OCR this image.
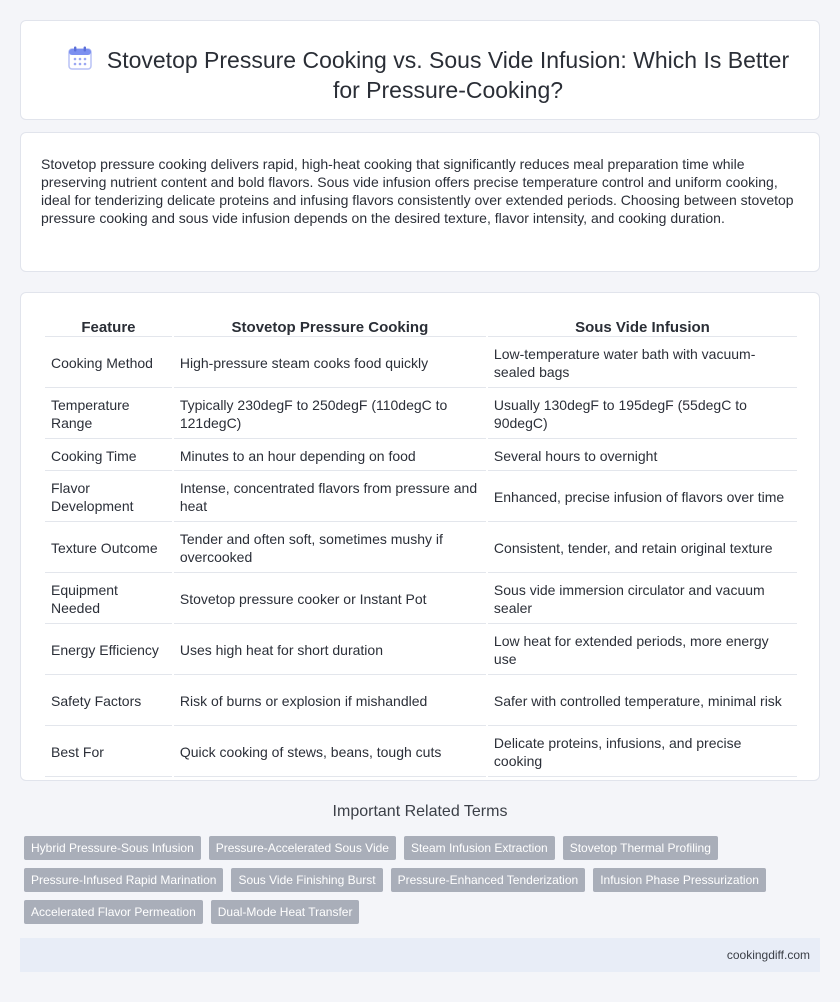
Stovetop Pressure Cooking vs. Sous Vide Infusion: Which Is Better for Pressure-Cooking?

Stovetop pressure cooking delivers rapid, high-heat cooking that significantly reduces meal preparation time while preserving nutrient content and bold flavors. Sous vide infusion offers precise temperature control and uniform cooking, ideal for tenderizing delicate proteins and infusing flavors consistently over extended periods. Choosing between stovetop pressure cooking and sous vide infusion depends on the desired texture, flavor intensity, and cooking duration.

Feature	Stovetop Pressure Cooking	Sous Vide Infusion
Cooking Method	High-pressure steam cooks food quickly	Low-temperature water bath with vacuum-sealed bags
Temperature Range	Typically 230degF to 250degF (110degC to 121degC)	Usually 130degF to 195degF (55degC to 90degC)
Cooking Time	Minutes to an hour depending on food	Several hours to overnight
Flavor Development	Intense, concentrated flavors from pressure and heat	Enhanced, precise infusion of flavors over time
Texture Outcome	Tender and often soft, sometimes mushy if overcooked	Consistent, tender, and retain original texture
Equipment Needed	Stovetop pressure cooker or Instant Pot	Sous vide immersion circulator and vacuum sealer
Energy Efficiency	Uses high heat for short duration	Low heat for extended periods, more energy use
Safety Factors	Risk of burns or explosion if mishandled	Safer with controlled temperature, minimal risk
Best For	Quick cooking of stews, beans, tough cuts	Delicate proteins, infusions, and precise cooking
Important Related Terms
Hybrid Pressure-Sous Infusion	Pressure-Accelerated Sous Vide	Steam Infusion Extraction	Stovetop Thermal Profiling
Pressure-Infused Rapid Marination	Sous Vide Finishing Burst	Pressure-Enhanced Tenderization	Infusion Phase Pressurization
Accelerated Flavor Permeation	Dual-Mode Heat Transfer
cookingdiff.com
